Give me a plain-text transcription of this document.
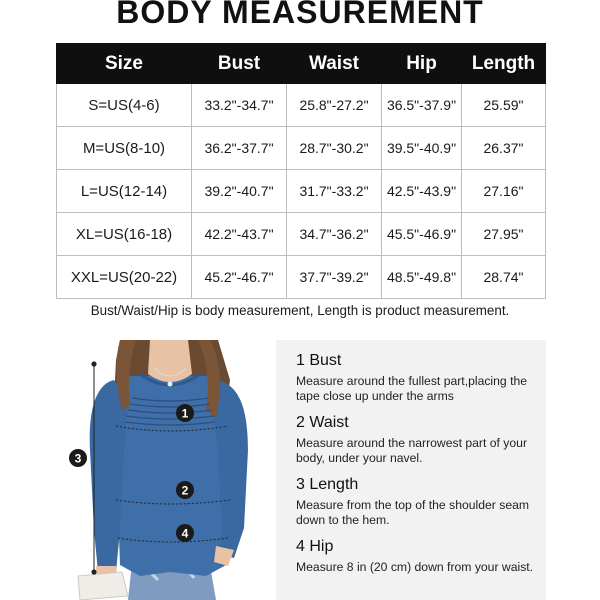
BODY MEASUREMENT
Size	Bust	Waist	Hip	Length
S=US(4-6)	33.2"-34.7"	25.8"-27.2"	36.5"-37.9"	25.59"
M=US(8-10)	36.2"-37.7"	28.7"-30.2"	39.5"-40.9"	26.37"
L=US(12-14)	39.2"-40.7"	31.7"-33.2"	42.5"-43.9"	27.16"
XL=US(16-18)	42.2"-43.7"	34.7"-36.2"	45.5"-46.9"	27.95"
XXL=US(20-22)	45.2"-46.7"	37.7"-39.2"	48.5"-49.8"	28.74"
Bust/Waist/Hip is body measurement, Length is product measurement.
1
2
3
4
1 Bust
Measure around the fullest part,placing the tape close up under the arms
2 Waist
Measure around the narrowest part of your body, under your navel.
3 Length
Measure from the top of the shoulder seam down to the hem.
4 Hip
Measure 8 in (20 cm) down from your waist.
